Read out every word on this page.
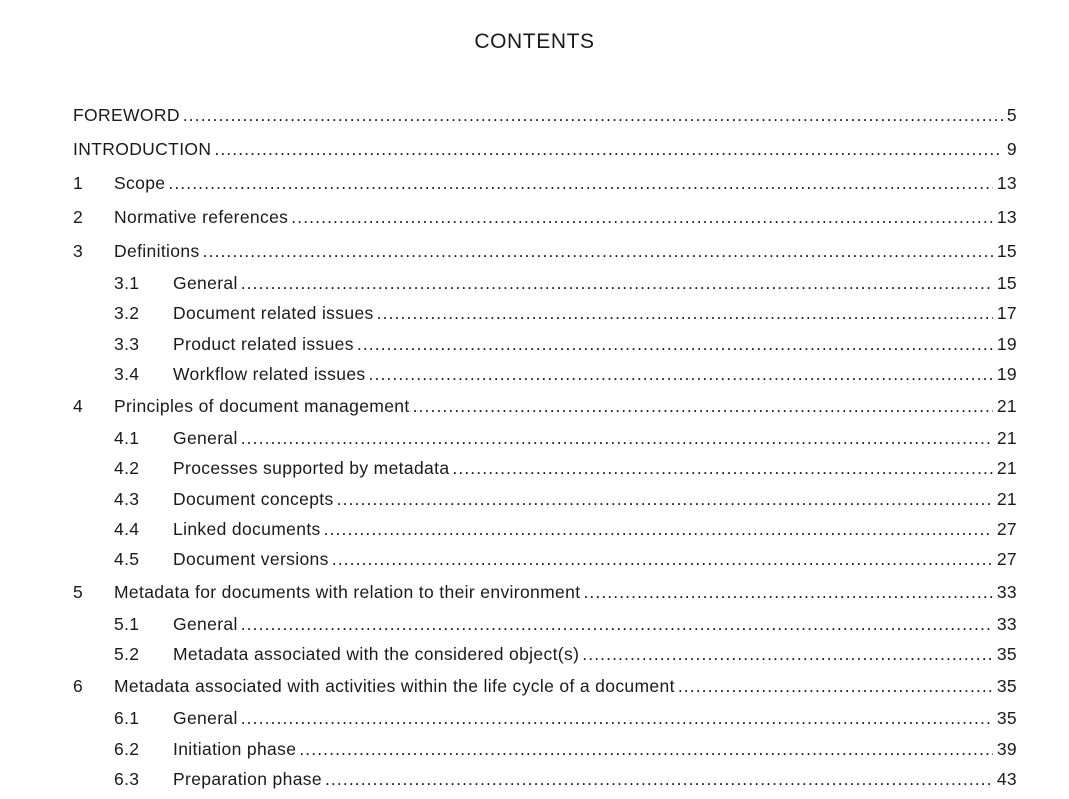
CONTENTS
FOREWORD .....	5
INTRODUCTION .....	9
1	Scope .....	13
2	Normative references .....	13
3	Definitions .....	15
3.1	General .....	15
3.2	Document related issues .....	17
3.3	Product related issues .....	19
3.4	Workflow related issues .....	19
4	Principles of document management .....	21
4.1	General .....	21
4.2	Processes supported by metadata .....	21
4.3	Document concepts .....	21
4.4	Linked documents .....	27
4.5	Document versions .....	27
5	Metadata for documents with relation to their environment .....	33
5.1	General .....	33
5.2	Metadata associated with the considered object(s) .....	35
6	Metadata associated with activities within the life cycle of a document .....	35
6.1	General .....	35
6.2	Initiation phase .....	39
6.3	Preparation phase .....	43
